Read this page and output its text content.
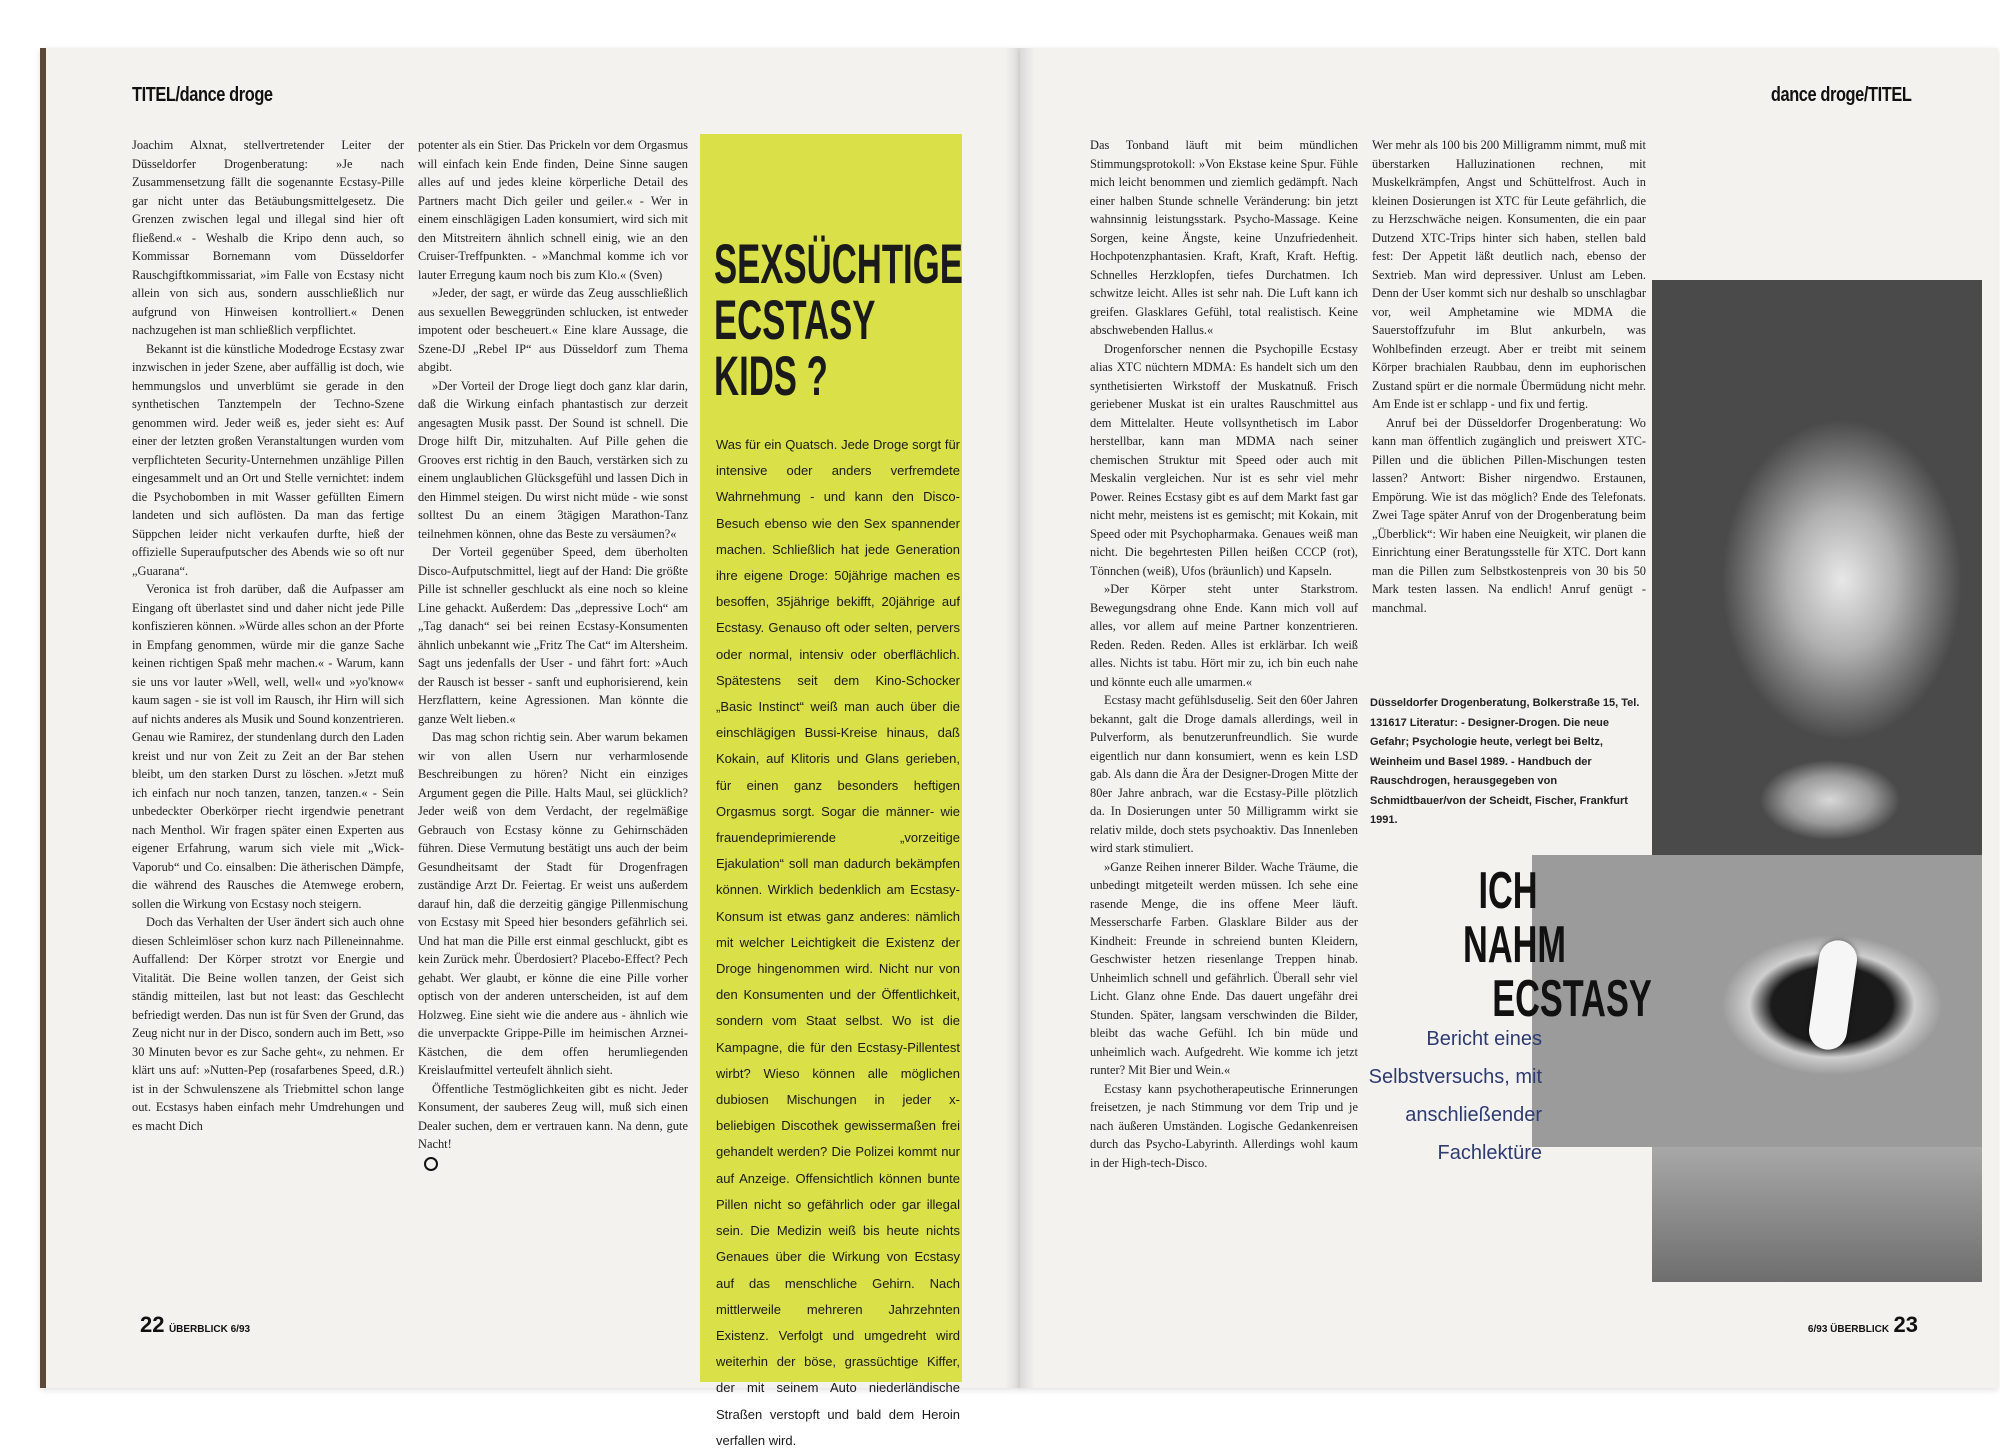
TITEL/dance droge

Joachim Alxnat, stellvertretender Leiter der Düsseldorfer Drogenberatung: »Je nach Zusammensetzung fällt die sogenannte Ecstasy-Pille gar nicht unter das Betäubungsmittelgesetz. Die Grenzen zwischen legal und illegal sind hier oft fließend.« - Weshalb die Kripo denn auch, so Kommissar Bornemann vom Düsseldorfer Rauschgiftkommissariat, »im Falle von Ecstasy nicht allein von sich aus, sondern ausschließlich nur aufgrund von Hinweisen kontrolliert.« Denen nachzugehen ist man schließlich verpflichtet.

Bekannt ist die künstliche Modedroge Ecstasy zwar inzwischen in jeder Szene, aber auffällig ist doch, wie hemmungslos und unverblümt sie gerade in den synthetischen Tanztempeln der Techno-Szene genommen wird. Jeder weiß es, jeder sieht es: Auf einer der letzten großen Veranstaltungen wurden vom verpflichteten Security-Unternehmen unzählige Pillen eingesammelt und an Ort und Stelle vernichtet: indem die Psychobomben in mit Wasser gefüllten Eimern landeten und sich auflösten. Da man das fertige Süppchen leider nicht verkaufen durfte, hieß der offizielle Superaufputscher des Abends wie so oft nur „Guarana“.

Veronica ist froh darüber, daß die Aufpasser am Eingang oft überlastet sind und daher nicht jede Pille konfiszieren können. »Würde alles schon an der Pforte in Empfang genommen, würde mir die ganze Sache keinen richtigen Spaß mehr machen.« - Warum, kann sie uns vor lauter »Well, well, well« und »yo'know« kaum sagen - sie ist voll im Rausch, ihr Hirn will sich auf nichts anderes als Musik und Sound konzentrieren. Genau wie Ramirez, der stundenlang durch den Laden kreist und nur von Zeit zu Zeit an der Bar stehen bleibt, um den starken Durst zu löschen. »Jetzt muß ich einfach nur noch tanzen, tanzen, tanzen.« - Sein unbedeckter Oberkörper riecht irgendwie penetrant nach Menthol. Wir fragen später einen Experten aus eigener Erfahrung, warum sich viele mit „Wick-Vaporub“ und Co. einsalben: Die ätherischen Dämpfe, die während des Rausches die Atemwege erobern, sollen die Wirkung von Ecstasy noch steigern.

Doch das Verhalten der User ändert sich auch ohne diesen Schleimlöser schon kurz nach Pilleneinnahme. Auffallend: Der Körper strotzt vor Energie und Vitalität. Die Beine wollen tanzen, der Geist sich ständig mitteilen, last but not least: das Geschlecht befriedigt werden. Das nun ist für Sven der Grund, das Zeug nicht nur in der Disco, sondern auch im Bett, »so 30 Minuten bevor es zur Sache geht«, zu nehmen. Er klärt uns auf: »Nutten-Pep (rosafarbenes Speed, d.R.) ist in der Schwulenszene als Triebmittel schon lange out. Ecstasys haben einfach mehr Umdrehungen und es macht Dich

potenter als ein Stier. Das Prickeln vor dem Orgasmus will einfach kein Ende finden, Deine Sinne saugen alles auf und jedes kleine körperliche Detail des Partners macht Dich geiler und geiler.« - Wer in einem einschlägigen Laden konsumiert, wird sich mit den Mitstreitern ähnlich schnell einig, wie an den Cruiser-Treffpunkten. - »Manchmal komme ich vor lauter Erregung kaum noch bis zum Klo.« (Sven)

»Jeder, der sagt, er würde das Zeug ausschließlich aus sexuellen Beweggründen schlucken, ist entweder impotent oder bescheuert.« Eine klare Aussage, die Szene-DJ „Rebel IP“ aus Düsseldorf zum Thema abgibt.

»Der Vorteil der Droge liegt doch ganz klar darin, daß die Wirkung einfach phantastisch zur derzeit angesagten Musik passt. Der Sound ist schnell. Die Droge hilft Dir, mitzuhalten. Auf Pille gehen die Grooves erst richtig in den Bauch, verstärken sich zu einem unglaublichen Glücksgefühl und lassen Dich in den Himmel steigen. Du wirst nicht müde - wie sonst solltest Du an einem 3tägigen Marathon-Tanz teilnehmen können, ohne das Beste zu versäumen?«

Der Vorteil gegenüber Speed, dem überholten Disco-Aufputschmittel, liegt auf der Hand: Die größte Pille ist schneller geschluckt als eine noch so kleine Line gehackt. Außerdem: Das „depressive Loch“ am „Tag danach“ sei bei reinen Ecstasy-Konsumenten ähnlich unbekannt wie „Fritz The Cat“ im Altersheim. Sagt uns jedenfalls der User - und fährt fort: »Auch der Rausch ist besser - sanft und euphorisierend, kein Herzflattern, keine Agressionen. Man könnte die ganze Welt lieben.«

Das mag schon richtig sein. Aber warum bekamen wir von allen Usern nur verharmlosende Beschreibungen zu hören? Nicht ein einziges Argument gegen die Pille. Halts Maul, sei glücklich? Jeder weiß von dem Verdacht, der regelmäßige Gebrauch von Ecstasy könne zu Gehirnschäden führen. Diese Vermutung bestätigt uns auch der beim Gesundheitsamt der Stadt für Drogenfragen zuständige Arzt Dr. Feiertag. Er weist uns außerdem darauf hin, daß die derzeitig gängige Pillenmischung von Ecstasy mit Speed hier besonders gefährlich sei. Und hat man die Pille erst einmal geschluckt, gibt es kein Zurück mehr. Überdosiert? Placebo-Effect? Pech gehabt. Wer glaubt, er könne die eine Pille vorher optisch von der anderen unterscheiden, ist auf dem Holzweg. Eine sieht wie die andere aus - ähnlich wie die unverpackte Grippe-Pille im heimischen Arznei-Kästchen, die dem offen herumliegenden Kreislaufmittel verteufelt ähnlich sieht.

Öffentliche Testmöglichkeiten gibt es nicht. Jeder Konsument, der sauberes Zeug will, muß sich einen Dealer suchen, dem er vertrauen kann. Na denn, gute Nacht!

SEXSÜCHTIGE
ECSTASY
KIDS ?
Was für ein Quatsch. Jede Droge sorgt für intensive oder anders verfremdete Wahrnehmung - und kann den Disco-Besuch ebenso wie den Sex spannender machen. Schließlich hat jede Generation ihre eigene Droge: 50jährige machen es besoffen, 35jährige bekifft, 20jährige auf Ecstasy. Genauso oft oder selten, pervers oder normal, intensiv oder oberflächlich. Spätestens seit dem Kino-Schocker „Basic Instinct“ weiß man auch über die einschlägigen Bussi-Kreise hinaus, daß Kokain, auf Klitoris und Glans gerieben, für einen ganz besonders heftigen Orgasmus sorgt. Sogar die männer- wie frauendeprimierende „vorzeitige Ejakulation“ soll man dadurch bekämpfen können. Wirklich bedenklich am Ecstasy-Konsum ist etwas ganz anderes: nämlich mit welcher Leichtigkeit die Existenz der Droge hingenommen wird. Nicht nur von den Konsumenten und der Öffentlichkeit, sondern vom Staat selbst. Wo ist die Kampagne, die für den Ecstasy-Pillentest wirbt? Wieso können alle möglichen dubiosen Mischungen in jeder x-beliebigen Discothek gewissermaßen frei gehandelt werden? Die Polizei kommt nur auf Anzeige. Offensichtlich können bunte Pillen nicht so gefährlich oder gar illegal sein. Die Medizin weiß bis heute nichts Genaues über die Wirkung von Ecstasy auf das menschliche Gehirn. Nach mittlerweile mehreren Jahrzehnten Existenz. Verfolgt und umgedreht wird weiterhin der böse, grassüchtige Kiffer, der mit seinem Auto niederländische Straßen verstopft und bald dem Heroin verfallen wird.
22 ÜBERBLICK 6/93
dance droge/TITEL

Das Tonband läuft mit beim mündlichen Stimmungsprotokoll: »Von Ekstase keine Spur. Fühle mich leicht benommen und ziemlich gedämpft. Nach einer halben Stunde schnelle Veränderung: bin jetzt wahnsinnig leistungsstark. Psycho-Massage. Keine Sorgen, keine Ängste, keine Unzufriedenheit. Hochpotenzphantasien. Kraft, Kraft, Kraft. Heftig. Schnelles Herzklopfen, tiefes Durchatmen. Ich schwitze leicht. Alles ist sehr nah. Die Luft kann ich greifen. Glasklares Gefühl, total realistisch. Keine abschwebenden Hallus.«

Drogenforscher nennen die Psychopille Ecstasy alias XTC nüchtern MDMA: Es handelt sich um den synthetisierten Wirkstoff der Muskatnuß. Frisch geriebener Muskat ist ein uraltes Rauschmittel aus dem Mittelalter. Heute vollsynthetisch im Labor herstellbar, kann man MDMA nach seiner chemischen Struktur mit Speed oder auch mit Meskalin vergleichen. Nur ist es sehr viel mehr Power. Reines Ecstasy gibt es auf dem Markt fast gar nicht mehr, meistens ist es gemischt; mit Kokain, mit Speed oder mit Psychopharmaka. Genaues weiß man nicht. Die begehrtesten Pillen heißen CCCP (rot), Tönnchen (weiß), Ufos (bräunlich) und Kapseln.

»Der Körper steht unter Starkstrom. Bewegungsdrang ohne Ende. Kann mich voll auf alles, vor allem auf meine Partner konzentrieren. Reden. Reden. Reden. Alles ist erklärbar. Ich weiß alles. Nichts ist tabu. Hört mir zu, ich bin euch nahe und könnte euch alle umarmen.«

Ecstasy macht gefühlsduselig. Seit den 60er Jahren bekannt, galt die Droge damals allerdings, weil in Pulverform, als benutzerunfreundlich. Sie wurde eigentlich nur dann konsumiert, wenn es kein LSD gab. Als dann die Ära der Designer-Drogen Mitte der 80er Jahre anbrach, war die Ecstasy-Pille plötzlich da. In Dosierungen unter 50 Milligramm wirkt sie relativ milde, doch stets psychoaktiv. Das Innenleben wird stark stimuliert.

»Ganze Reihen innerer Bilder. Wache Träume, die unbedingt mitgeteilt werden müssen. Ich sehe eine rasende Menge, die ins offene Meer läuft. Messerscharfe Farben. Glasklare Bilder aus der Kindheit: Freunde in schreiend bunten Kleidern, Geschwister hetzen riesenlange Treppen hinab. Unheimlich schnell und gefährlich. Überall sehr viel Licht. Glanz ohne Ende. Das dauert ungefähr drei Stunden. Später, langsam verschwinden die Bilder, bleibt das wache Gefühl. Ich bin müde und unheimlich wach. Aufgedreht. Wie komme ich jetzt runter? Mit Bier und Wein.«

Ecstasy kann psychotherapeutische Erinnerungen freisetzen, je nach Stimmung vor dem Trip und je nach äußeren Umständen. Logische Gedankenreisen durch das Psycho-Labyrinth. Allerdings wohl kaum in der High-tech-Disco.

Wer mehr als 100 bis 200 Milligramm nimmt, muß mit überstarken Halluzinationen rechnen, mit Muskelkrämpfen, Angst und Schüttelfrost. Auch in kleinen Dosierungen ist XTC für Leute gefährlich, die zu Herzschwäche neigen. Konsumenten, die ein paar Dutzend XTC-Trips hinter sich haben, stellen bald fest: Der Appetit läßt deutlich nach, ebenso der Sextrieb. Man wird depressiver. Unlust am Leben. Denn der User kommt sich nur deshalb so unschlagbar vor, weil Amphetamine wie MDMA die Sauerstoffzufuhr im Blut ankurbeln, was Wohlbefinden erzeugt. Aber er treibt mit seinem Körper brachialen Raubbau, denn im euphorischen Zustand spürt er die normale Übermüdung nicht mehr. Am Ende ist er schlapp - und fix und fertig.

Anruf bei der Düsseldorfer Drogenberatung: Wo kann man öffentlich zugänglich und preiswert XTC-Pillen und die üblichen Pillen-Mischungen testen lassen? Antwort: Bisher nirgendwo. Erstaunen, Empörung. Wie ist das möglich? Ende des Telefonats. Zwei Tage später Anruf von der Drogenberatung beim „Überblick“: Wir haben eine Neuigkeit, wir planen die Einrichtung einer Beratungsstelle für XTC. Dort kann man die Pillen zum Selbstkostenpreis von 30 bis 50 Mark testen lassen. Na endlich! Anruf genügt - manchmal.

Düsseldorfer Drogenberatung, Bolkerstraße 15, Tel. 131617 Literatur: - Designer-Drogen. Die neue Gefahr; Psychologie heute, verlegt bei Beltz, Weinheim und Basel 1989. - Handbuch der Rauschdrogen, herausgegeben von Schmidtbauer/von der Scheidt, Fischer, Frankfurt 1991.
ICH
NAHM
ECSTASY
Bericht eines Selbstversuchs, mit anschließender Fachlektüre
6/93 ÜBERBLICK 23
